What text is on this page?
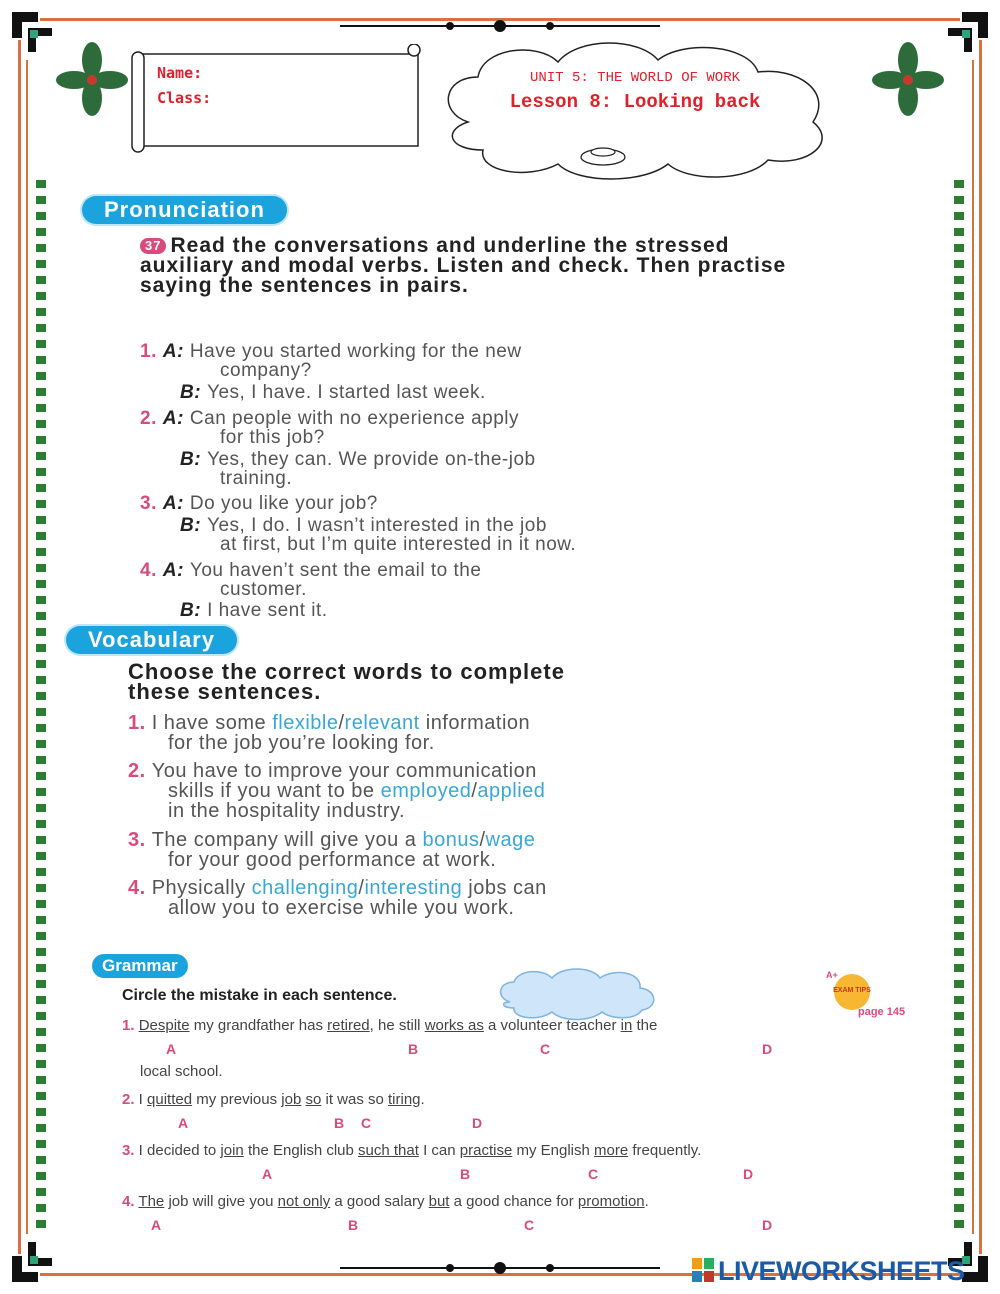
Name:
Class:
UNIT 5: THE WORLD OF WORK
Lesson 8: Looking back
Pronunciation
37 Read the conversations and underline the stressed auxiliary and modal verbs. Listen and check. Then practise saying the sentences in pairs.
1. A: Have you started working for the new
company?
B: Yes, I have. I started last week.
2. A: Can people with no experience apply
for this job?
B: Yes, they can. We provide on-the-job
training.
3. A: Do you like your job?
B: Yes, I do. I wasn’t interested in the job
at first, but I’m quite interested in it now.
4. A: You haven’t sent the email to the
customer.
B: I have sent it.
Vocabulary
Choose the correct words to complete
these sentences.
1. I have some flexible/relevant information
for the job you’re looking for.
2. You have to improve your communication
skills if you want to be employed/applied
in the hospitality industry.
3. The company will give you a bonus/wage
for your good performance at work.
4. Physically challenging/interesting jobs can
allow you to exercise while you work.
Grammar
Circle the mistake in each sentence.
A+
EXAM TIPS
page 145
1. Despite my grandfather has retired, he still works as a volunteer teacher in the
A	B	C	D
local school.
2. I quitted my previous job so it was so tiring.
A	B C	D
3. I decided to join the English club such that I can practise my English more frequently.
A	B	C	D
4. The job will give you not only a good salary but a good chance for promotion.
A	B	C	D
LIVEWORKSHEETS
